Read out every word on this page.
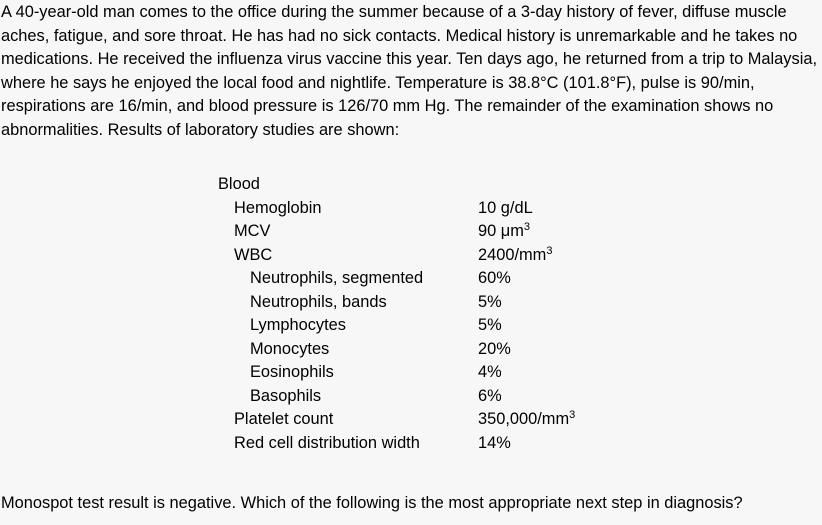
A 40-year-old man comes to the office during the summer because of a 3-day history of fever, diffuse muscle aches, fatigue, and sore throat. He has had no sick contacts. Medical history is unremarkable and he takes no medications. He received the influenza virus vaccine this year. Ten days ago, he returned from a trip to Malaysia, where he says he enjoyed the local food and nightlife. Temperature is 38.8°C (101.8°F), pulse is 90/min, respirations are 16/min, and blood pressure is 126/70 mm Hg. The remainder of the examination shows no abnormalities. Results of laboratory studies are shown:

Blood
Hemoglobin	10 g/dL
MCV	90 $\mu m^3$
WBC	$2400/mm^3$
Neutrophils, segmented	60%
Neutrophils, bands	5%
Lymphocytes	5%
Monocytes	20%
Eosinophils	4%
Basophils	6%
Platelet count	$350,000/mm^3$
Red cell distribution width	14%
Monospot test result is negative. Which of the following is the most appropriate next step in diagnosis?
